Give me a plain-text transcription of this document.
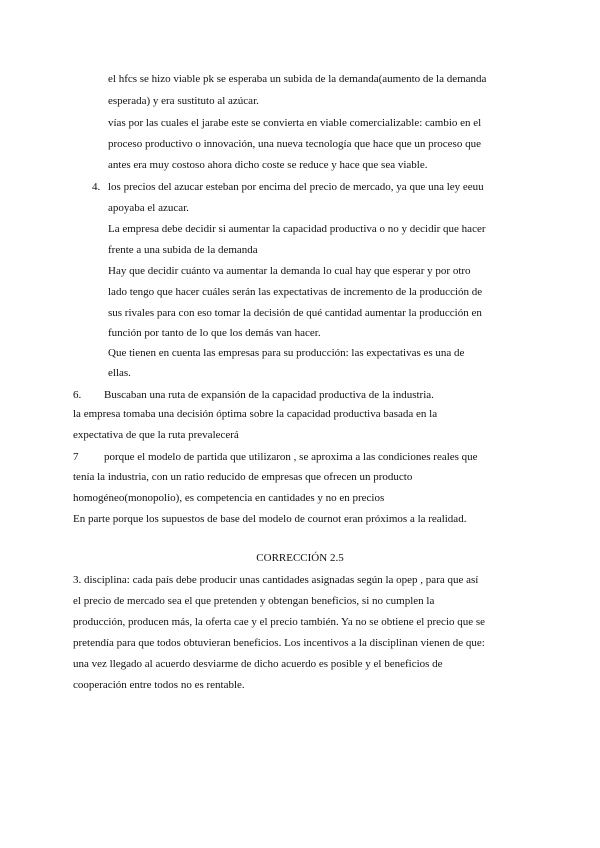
el hfcs se hizo viable pk se esperaba un subida de la demanda(aumento de la demanda
esperada) y era sustituto al azúcar.
vías por las cuales el jarabe este se convierta en viable comercializable: cambio en el
proceso productivo o innovación, una nueva tecnología que hace que un proceso que
antes era muy costoso ahora dicho coste se reduce y hace que sea viable.
4. los precios del azucar esteban por encima del precio de mercado, ya que una ley eeuu
apoyaba el azucar.
La empresa debe decidir si aumentar la capacidad productiva o no y decidir que hacer
frente a una subida de la demanda
Hay que decidir cuánto va aumentar la demanda lo cual hay que esperar y por otro
lado tengo que hacer cuáles serán las expectativas de incremento de la producción de
sus rivales para con eso tomar la decisión de qué cantidad aumentar la producción en
función por tanto de lo que los demás van hacer.
Que tienen en cuenta las empresas para su producción: las expectativas es una de
ellas.
6. Buscaban una ruta de expansión de la capacidad productiva de la industria.
la empresa tomaba una decisión óptima sobre la capacidad productiva basada en la
expectativa de que la ruta prevalecerá
7 porque el modelo de partida que utilizaron , se aproxima a las condiciones reales que
tenía la industria, con un ratio reducido de empresas que ofrecen un producto
homogéneo(monopolio), es competencia en cantidades y no en precios
En parte porque los supuestos de base del modelo de cournot eran próximos a la realidad.
CORRECCIÓN 2.5
3. disciplina: cada país debe producir unas cantidades asignadas según la opep , para que así
el precio de mercado sea el que pretenden y obtengan beneficios, si no cumplen la
producción, producen más, la oferta cae y el precio también. Ya no se obtiene el precio que se
pretendía para que todos obtuvieran beneficios. Los incentivos a la disciplinan vienen de que:
una vez llegado al acuerdo desviarme de dicho acuerdo es posible y el beneficios de
cooperación entre todos no es rentable.
